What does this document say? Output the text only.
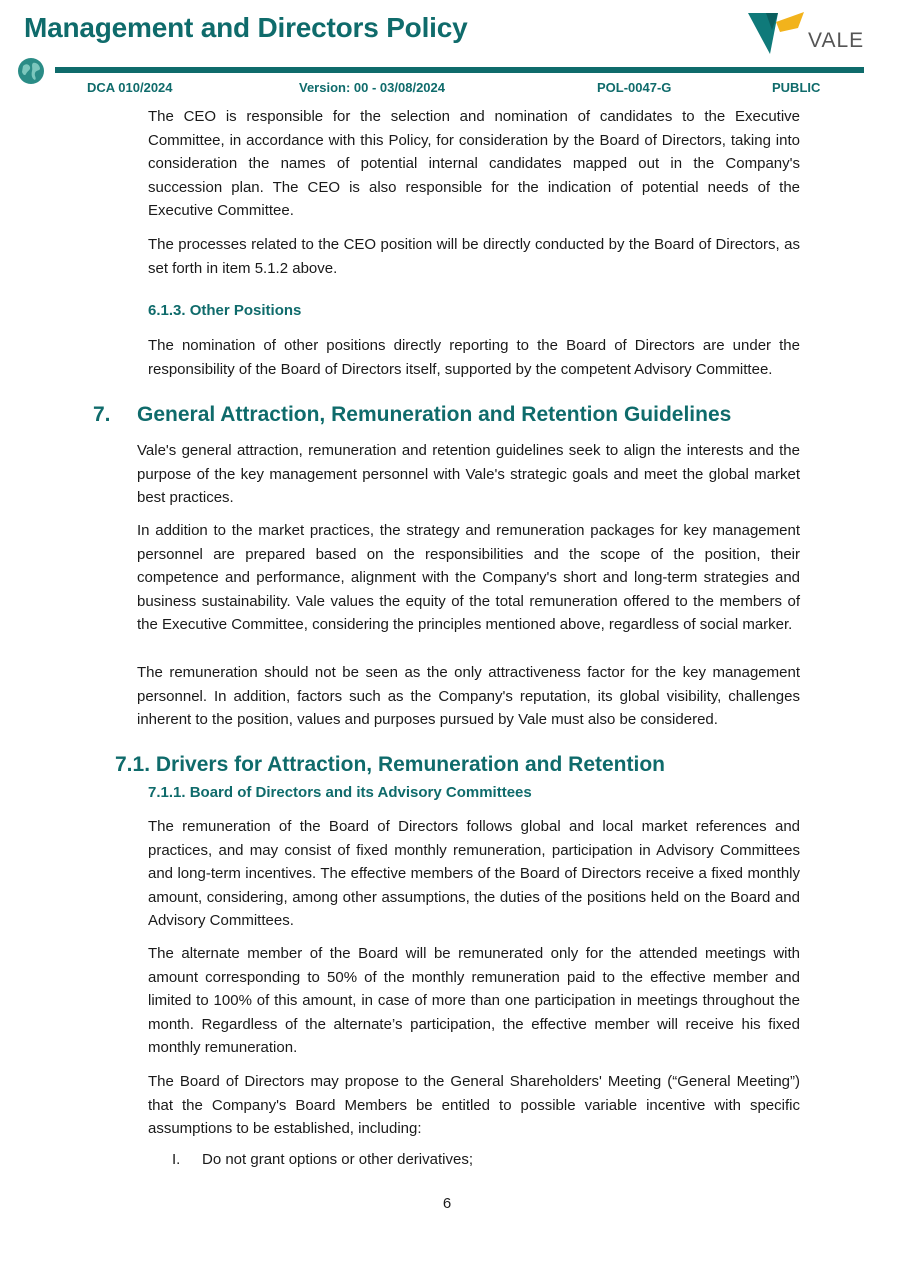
Management and Directors Policy	VALE
DCA 010/2024	Version: 00 - 03/08/2024	POL-0047-G	PUBLIC

The CEO is responsible for the selection and nomination of candidates to the Executive Committee, in accordance with this Policy, for consideration by the Board of Directors, taking into consideration the names of potential internal candidates mapped out in the Company's succession plan. The CEO is also responsible for the indication of potential needs of the Executive Committee.

The processes related to the CEO position will be directly conducted by the Board of Directors, as set forth in item 5.1.2 above.

6.1.3. Other Positions

The nomination of other positions directly reporting to the Board of Directors are under the responsibility of the Board of Directors itself, supported by the competent Advisory Committee.

7. General Attraction, Remuneration and Retention Guidelines

Vale's general attraction, remuneration and retention guidelines seek to align the interests and the purpose of the key management personnel with Vale's strategic goals and meet the global market best practices.

In addition to the market practices, the strategy and remuneration packages for key management personnel are prepared based on the responsibilities and the scope of the position, their competence and performance, alignment with the Company's short and long-term strategies and business sustainability. Vale values the equity of the total remuneration offered to the members of the Executive Committee, considering the principles mentioned above, regardless of social marker.

The remuneration should not be seen as the only attractiveness factor for the key management personnel. In addition, factors such as the Company's reputation, its global visibility, challenges inherent to the position, values and purposes pursued by Vale must also be considered.

7.1. Drivers for Attraction, Remuneration and Retention
7.1.1. Board of Directors and its Advisory Committees

The remuneration of the Board of Directors follows global and local market references and practices, and may consist of fixed monthly remuneration, participation in Advisory Committees and long-term incentives. The effective members of the Board of Directors receive a fixed monthly amount, considering, among other assumptions, the duties of the positions held on the Board and Advisory Committees.

The alternate member of the Board will be remunerated only for the attended meetings with amount corresponding to 50% of the monthly remuneration paid to the effective member and limited to 100% of this amount, in case of more than one participation in meetings throughout the month. Regardless of the alternate’s participation, the effective member will receive his fixed monthly remuneration.

The Board of Directors may propose to the General Shareholders' Meeting (“General Meeting”) that the Company's Board Members be entitled to possible variable incentive with specific assumptions to be established, including:

I. Do not grant options or other derivatives;
6
